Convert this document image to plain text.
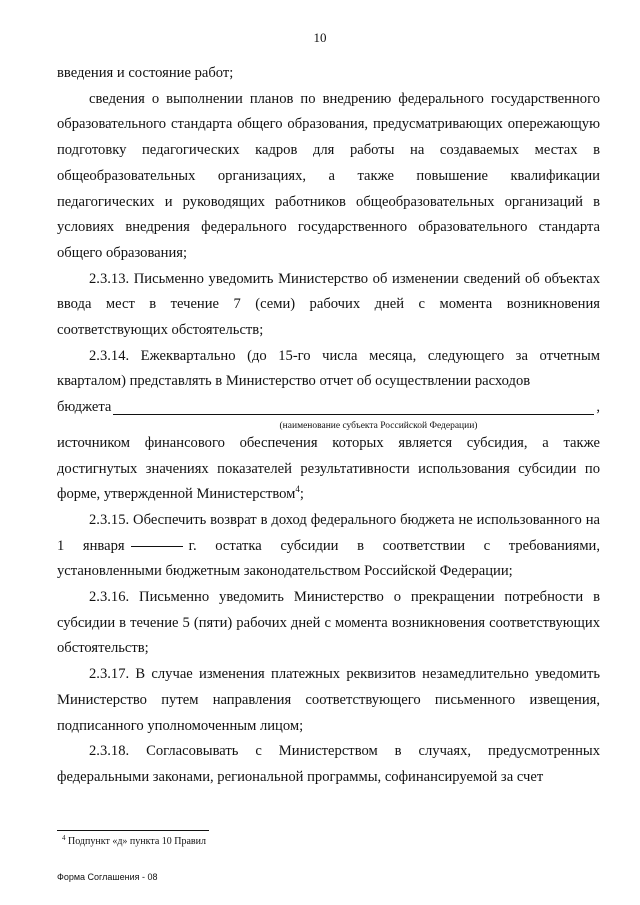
10

введения и состояние работ;

сведения о выполнении планов по внедрению федерального государственного образовательного стандарта общего образования, предусматривающих опережающую подготовку педагогических кадров для работы на создаваемых местах в общеобразовательных организациях, а также повышение квалификации педагогических и руководящих работников общеобразовательных организаций в условиях внедрения федерального государственного образовательного стандарта общего образования;

2.3.13. Письменно уведомить Министерство об изменении сведений об объектах ввода мест в течение 7 (семи) рабочих дней с момента возникновения соответствующих обстоятельств;

2.3.14. Ежеквартально (до 15-го числа месяца, следующего за отчетным кварталом) представлять в Министерство отчет об осуществлении расходов

бюджета	,

(наименование субъекта Российской Федерации)

источником финансового обеспечения которых является субсидия, а также достигнутых значениях показателей результативности использования субсидии по форме, утвержденной Министерством$^4$;

2.3.15. Обеспечить возврат в доход федерального бюджета не использованного на 1 января	г. остатка субсидии в соответствии с требованиями, установленными бюджетным законодательством Российской Федерации;

2.3.16. Письменно уведомить Министерство о прекращении потребности в субсидии в течение 5 (пяти) рабочих дней с момента возникновения соответствующих обстоятельств;

2.3.17. В случае изменения платежных реквизитов незамедлительно уведомить Министерство путем направления соответствующего письменного извещения, подписанного уполномоченным лицом;

2.3.18. Согласовывать с Министерством в случаях, предусмотренных федеральными законами, региональной программы, софинансируемой за счет

$^4$ Подпункт «д» пункта 10 Правил
Форма Соглашения - 08
